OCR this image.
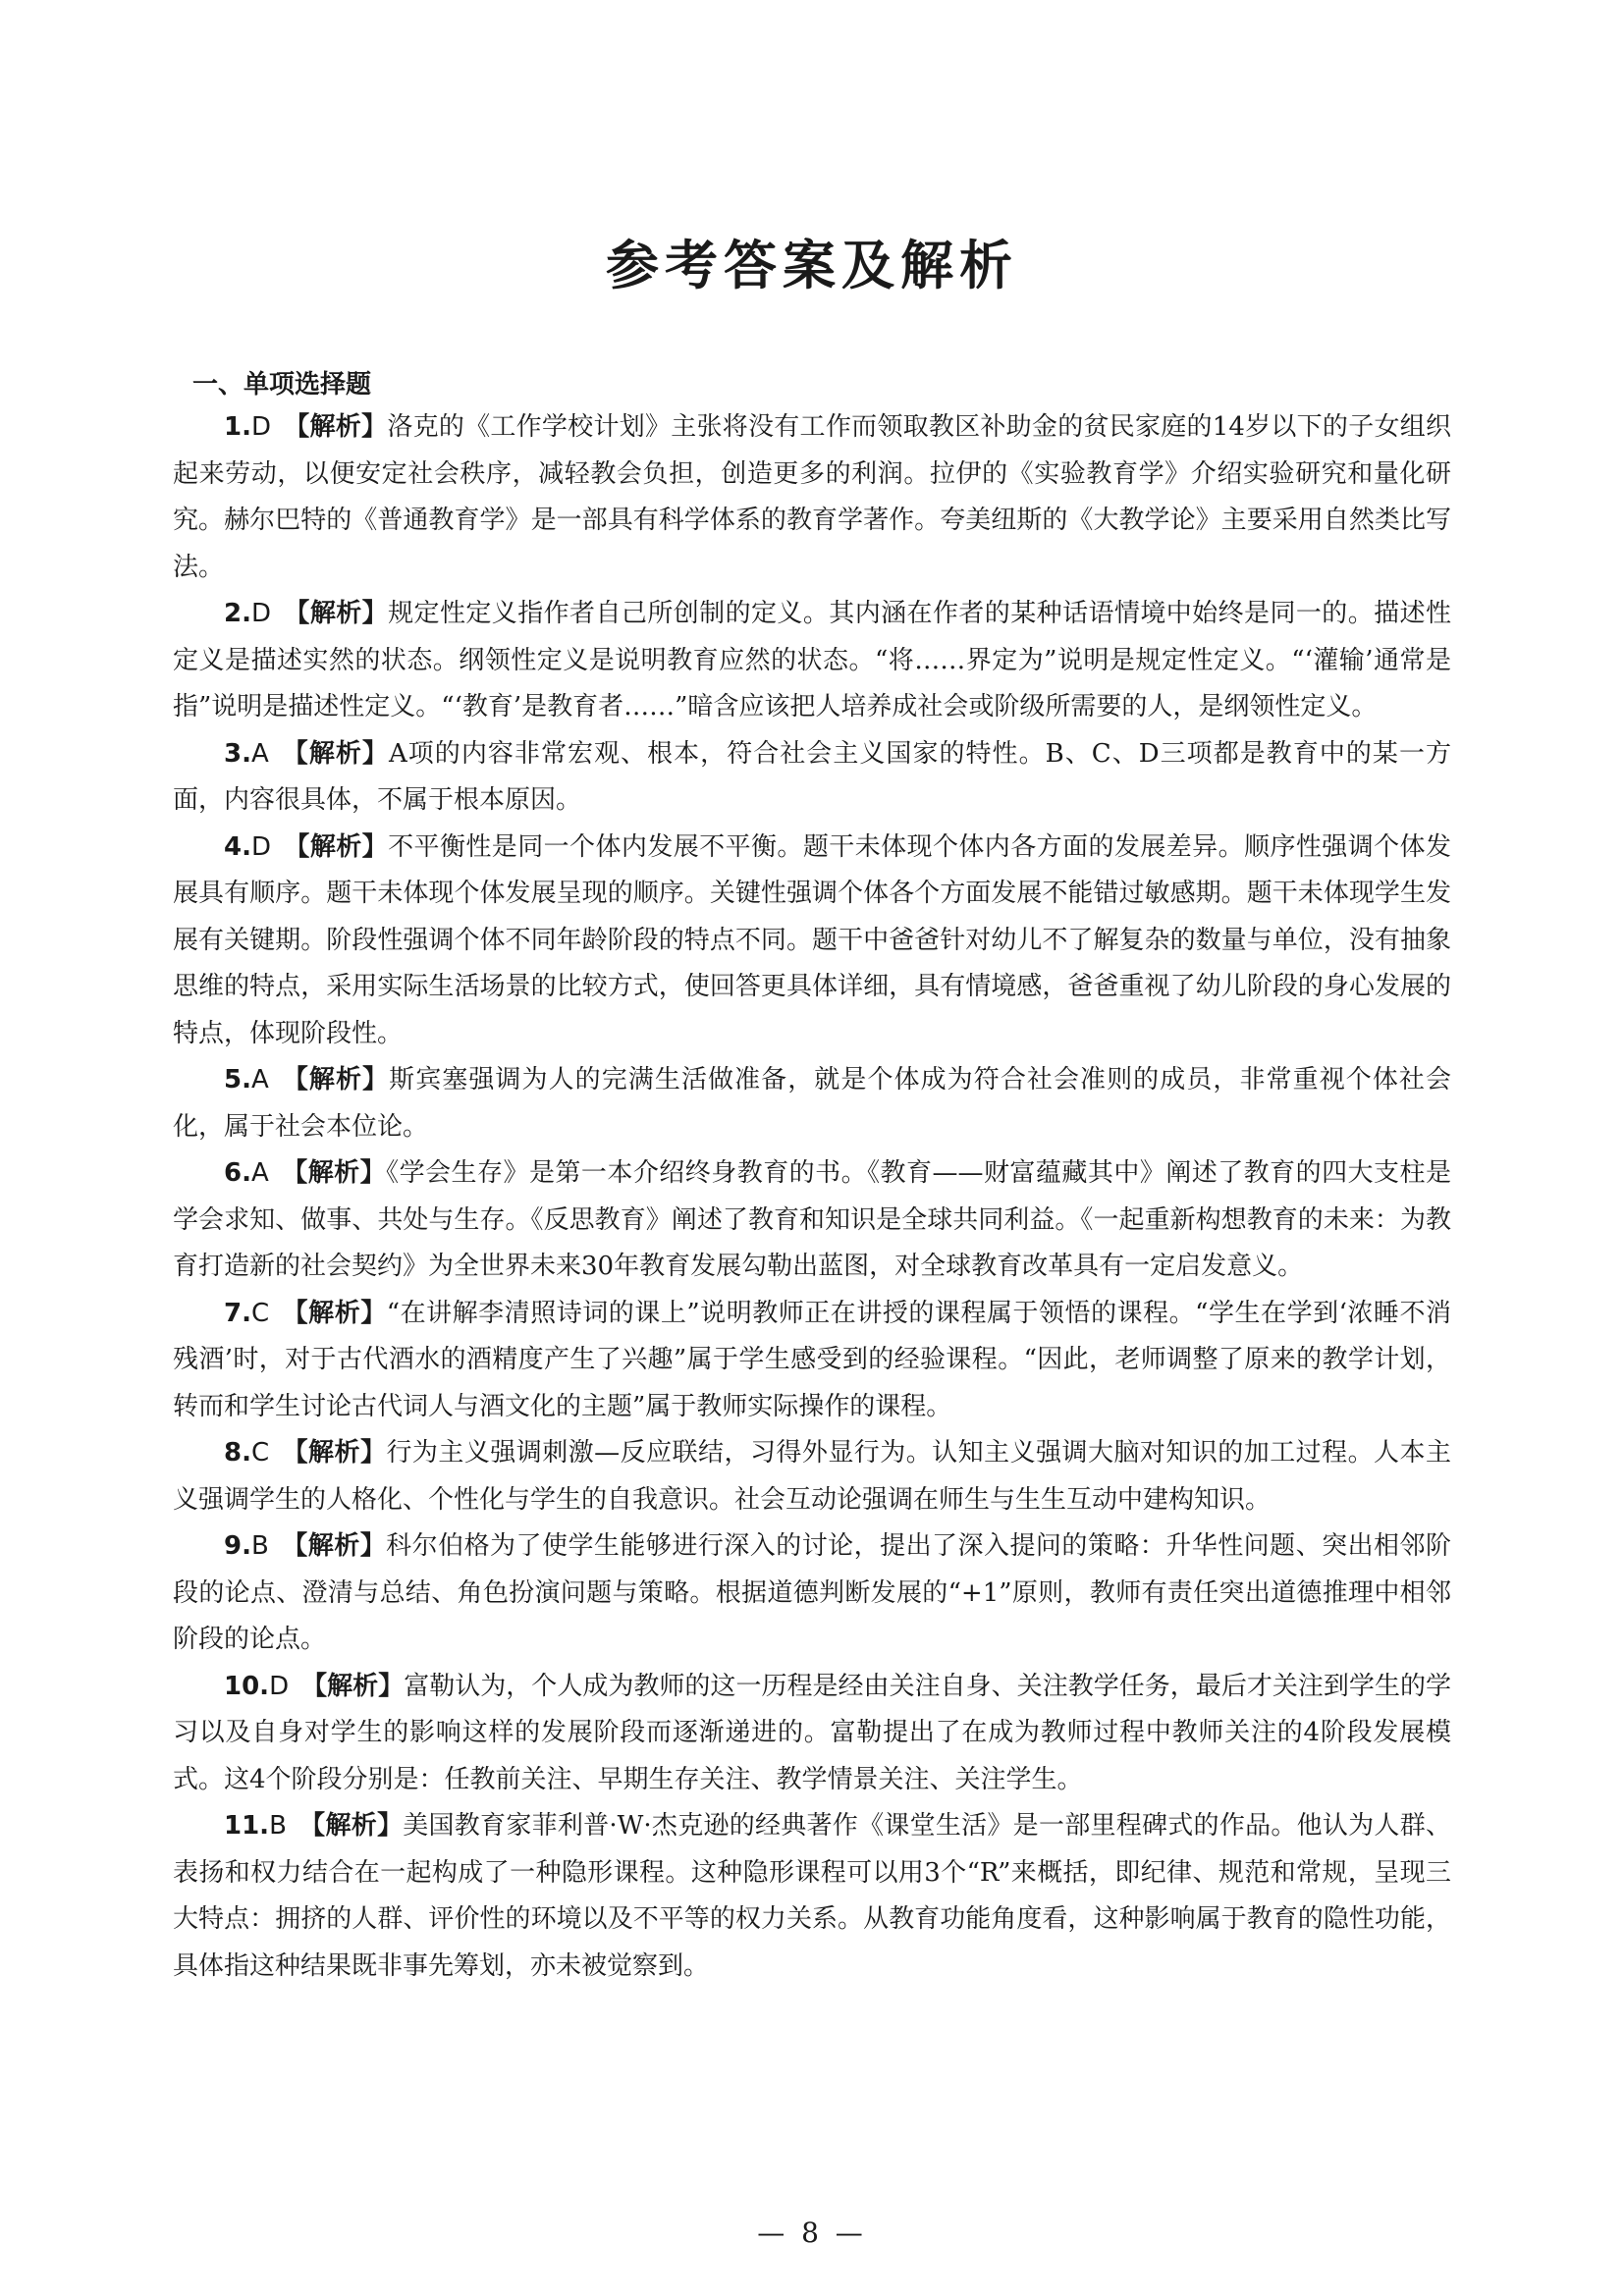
参考答案及解析
一、单项选择题
1.D 【解析】洛克的《工作学校计划》主张将没有工作而领取教区补助金的贫民家庭的14岁以下的子女组织起来劳动，以便安定社会秩序，减轻教会负担，创造更多的利润。拉伊的《实验教育学》介绍实验研究和量化研究。赫尔巴特的《普通教育学》是一部具有科学体系的教育学著作。夸美纽斯的《大教学论》主要采用自然类比写法。
2.D 【解析】规定性定义指作者自己所创制的定义。其内涵在作者的某种话语情境中始终是同一的。描述性定义是描述实然的状态。纲领性定义是说明教育应然的状态。“将……界定为”说明是规定性定义。“‘灌输’通常是指”说明是描述性定义。“‘教育’是教育者……”暗含应该把人培养成社会或阶级所需要的人，是纲领性定义。
3.A 【解析】A项的内容非常宏观、根本，符合社会主义国家的特性。B、C、D三项都是教育中的某一方面，内容很具体，不属于根本原因。
4.D 【解析】不平衡性是同一个体内发展不平衡。题干未体现个体内各方面的发展差异。顺序性强调个体发展具有顺序。题干未体现个体发展呈现的顺序。关键性强调个体各个方面发展不能错过敏感期。题干未体现学生发展有关键期。阶段性强调个体不同年龄阶段的特点不同。题干中爸爸针对幼儿不了解复杂的数量与单位，没有抽象思维的特点，采用实际生活场景的比较方式，使回答更具体详细，具有情境感，爸爸重视了幼儿阶段的身心发展的特点，体现阶段性。
5.A 【解析】斯宾塞强调为人的完满生活做准备，就是个体成为符合社会准则的成员，非常重视个体社会化，属于社会本位论。
6.A 【解析】《学会生存》是第一本介绍终身教育的书。《教育——财富蕴藏其中》阐述了教育的四大支柱是学会求知、做事、共处与生存。《反思教育》阐述了教育和知识是全球共同利益。《一起重新构想教育的未来：为教育打造新的社会契约》为全世界未来30年教育发展勾勒出蓝图，对全球教育改革具有一定启发意义。
7.C 【解析】“在讲解李清照诗词的课上”说明教师正在讲授的课程属于领悟的课程。“学生在学到‘浓睡不消残酒’时，对于古代酒水的酒精度产生了兴趣”属于学生感受到的经验课程。“因此，老师调整了原来的教学计划，转而和学生讨论古代词人与酒文化的主题”属于教师实际操作的课程。
8.C 【解析】行为主义强调刺激—反应联结，习得外显行为。认知主义强调大脑对知识的加工过程。人本主义强调学生的人格化、个性化与学生的自我意识。社会互动论强调在师生与生生互动中建构知识。
9.B 【解析】科尔伯格为了使学生能够进行深入的讨论，提出了深入提问的策略：升华性问题、突出相邻阶段的论点、澄清与总结、角色扮演问题与策略。根据道德判断发展的“+1”原则，教师有责任突出道德推理中相邻阶段的论点。
10.D 【解析】富勒认为，个人成为教师的这一历程是经由关注自身、关注教学任务，最后才关注到学生的学习以及自身对学生的影响这样的发展阶段而逐渐递进的。富勒提出了在成为教师过程中教师关注的4阶段发展模式。这4个阶段分别是：任教前关注、早期生存关注、教学情景关注、关注学生。
11.B 【解析】美国教育家菲利普·W·杰克逊的经典著作《课堂生活》是一部里程碑式的作品。他认为人群、表扬和权力结合在一起构成了一种隐形课程。这种隐形课程可以用3个“R”来概括，即纪律、规范和常规，呈现三大特点：拥挤的人群、评价性的环境以及不平等的权力关系。从教育功能角度看，这种影响属于教育的隐性功能，具体指这种结果既非事先筹划，亦未被觉察到。
— 8 —
